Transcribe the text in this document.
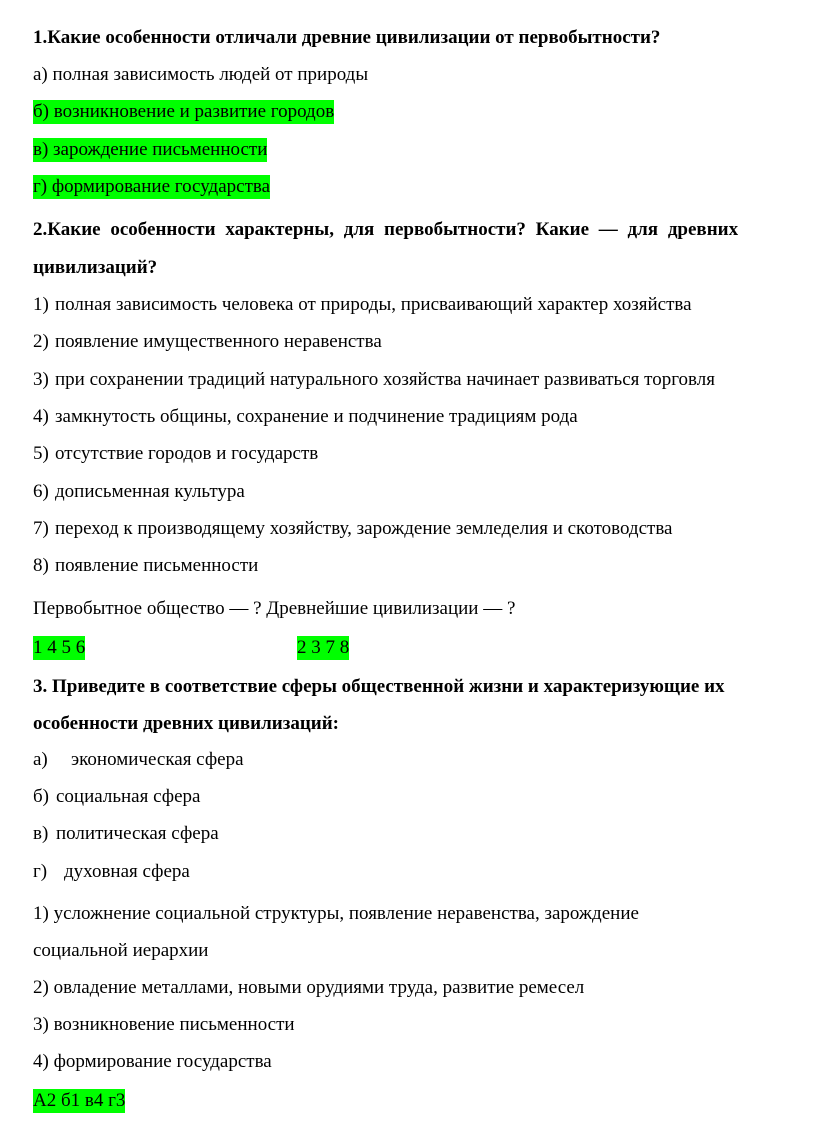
1.Какие особенности отличали древние цивилизации от первобытности?
а) полная зависимость людей от природы
б) возникновение и развитие городов
в) зарождение письменности
г) формирование государства
2.Какие особенности характерны, для первобытности? Какие — для древних
цивилизаций?
1) полная зависимость человека от природы, присваивающий характер хозяйства
2) появление имущественного неравенства
3) при сохранении традиций натурального хозяйства начинает развиваться торговля
4) замкнутость общины, сохранение и подчинение традициям рода
5) отсутствие городов и государств
6) дописьменная культура
7) переход к производящему хозяйству, зарождение земледелия и скотоводства
8) появление письменности
Первобытное общество — ? Древнейшие цивилизации — ?
1 4 5 6	2 3 7 8
3. Приведите в соответствие сферы общественной жизни и характеризующие их
особенности древних цивилизаций:
а) экономическая сфера
б) социальная сфера
в) политическая сфера
г) духовная сфера
1) усложнение социальной структуры, появление неравенства, зарождение
социальной иерархии
2) овладение металлами, новыми орудиями труда, развитие ремесел
3) возникновение письменности
4) формирование государства
А2 б1 в4 г3
